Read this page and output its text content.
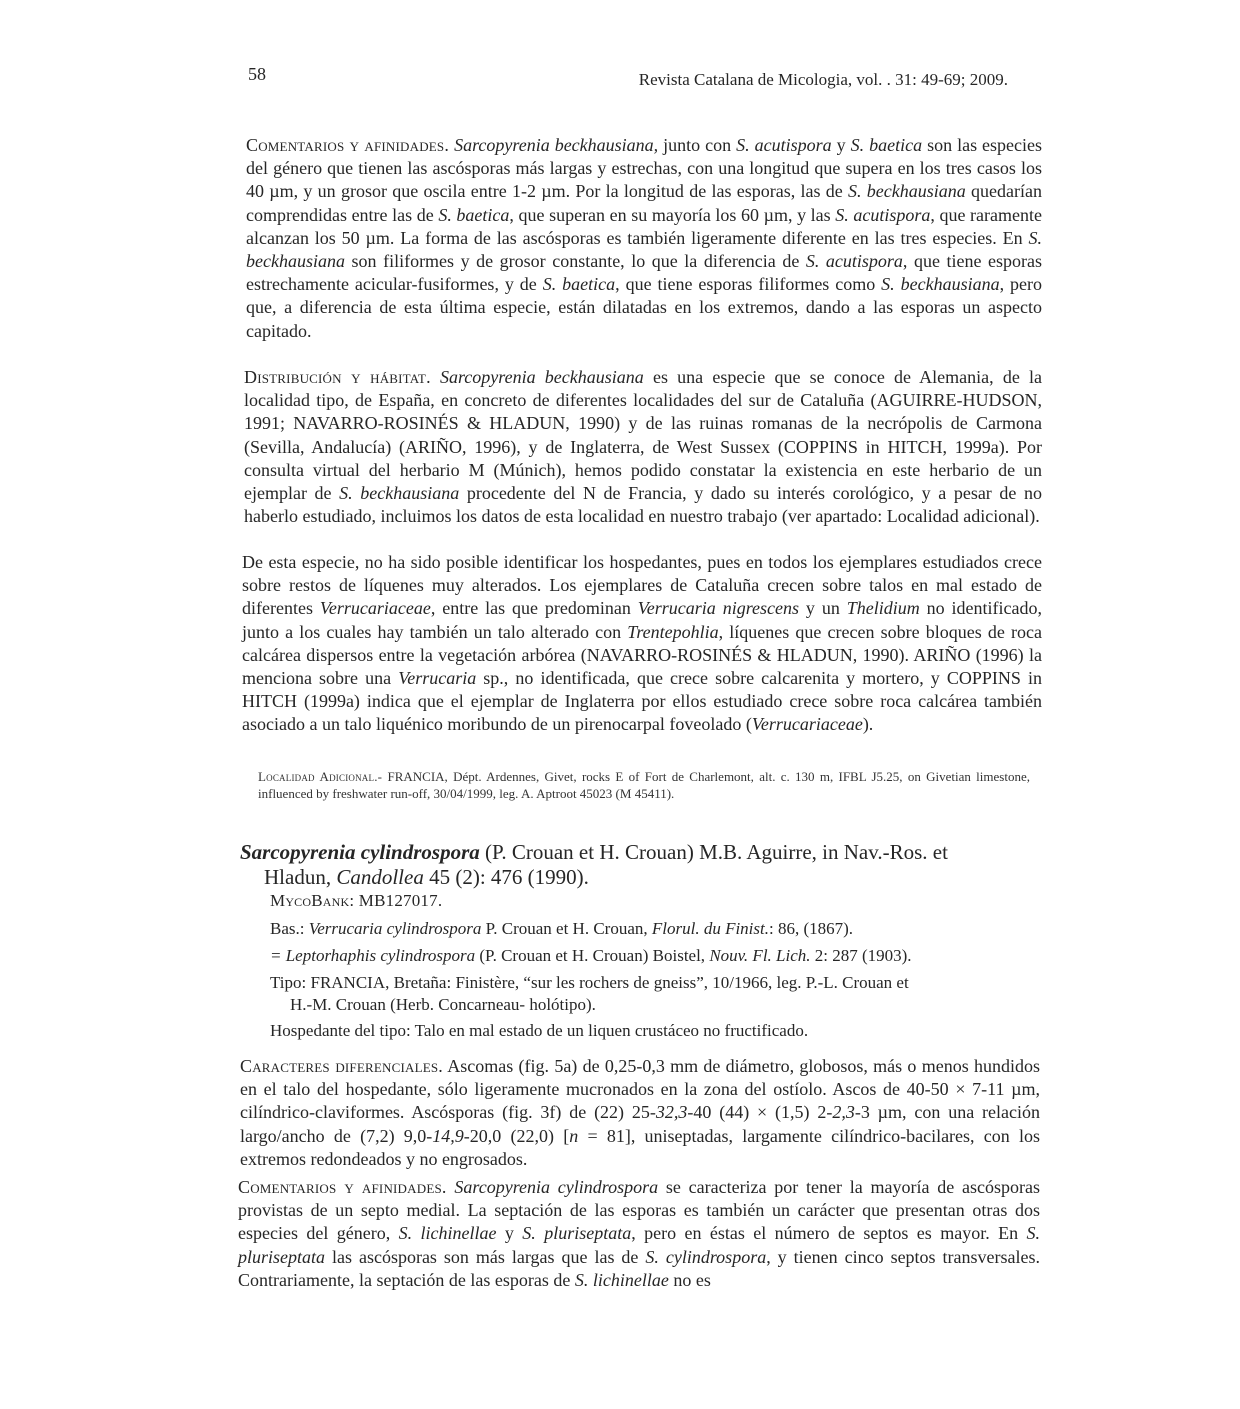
58	Revista Catalana de Micologia, vol. . 31: 49-69; 2009.
Comentarios y afinidades. Sarcopyrenia beckhausiana, junto con S. acutispora y S. baetica son las especies del género que tienen las ascósporas más largas y estrechas, con una longitud que supera en los tres casos los 40 µm, y un grosor que oscila entre 1-2 µm. Por la longitud de las esporas, las de S. beckhausiana quedarían comprendidas entre las de S. baetica, que superan en su mayoría los 60 µm, y las S. acutispora, que raramente alcanzan los 50 µm. La forma de las ascósporas es también ligeramente diferente en las tres especies. En S. beckhausiana son filiformes y de grosor constante, lo que la diferencia de S. acutispora, que tiene esporas estrechamente acicular-fusiformes, y de S. baetica, que tiene esporas filiformes como S. beckhausiana, pero que, a diferencia de esta última especie, están dilatadas en los extremos, dando a las esporas un aspecto capitado.
Distribución y hábitat. Sarcopyrenia beckhausiana es una especie que se conoce de Alemania, de la localidad tipo, de España, en concreto de diferentes localidades del sur de Cataluña (AGUIRRE-HUDSON, 1991; NAVARRO-ROSINÉS & HLADUN, 1990) y de las ruinas romanas de la necrópolis de Carmona (Sevilla, Andalucía) (ARIÑO, 1996), y de Inglaterra, de West Sussex (COPPINS in HITCH, 1999a). Por consulta virtual del herbario M (Múnich), hemos podido constatar la existencia en este herbario de un ejemplar de S. beckhausiana procedente del N de Francia, y dado su interés corológico, y a pesar de no haberlo estudiado, incluimos los datos de esta localidad en nuestro trabajo (ver apartado: Localidad adicional).
De esta especie, no ha sido posible identificar los hospedantes, pues en todos los ejemplares estudiados crece sobre restos de líquenes muy alterados. Los ejemplares de Cataluña crecen sobre talos en mal estado de diferentes Verrucariaceae, entre las que predominan Verrucaria nigrescens y un Thelidium no identificado, junto a los cuales hay también un talo alterado con Trentepohlia, líquenes que crecen sobre bloques de roca calcárea dispersos entre la vegetación arbórea (NAVARRO-ROSINÉS & HLADUN, 1990). ARIÑO (1996) la menciona sobre una Verrucaria sp., no identificada, que crece sobre calcarenita y mortero, y COPPINS in HITCH (1999a) indica que el ejemplar de Inglaterra por ellos estudiado crece sobre roca calcárea también asociado a un talo liquénico moribundo de un pirenocarpal foveolado (Verrucariaceae).
Localidad Adicional.- FRANCIA, Dépt. Ardennes, Givet, rocks E of Fort de Charlemont, alt. c. 130 m, IFBL J5.25, on Givetian limestone, influenced by freshwater run-off, 30/04/1999, leg. A. Aptroot 45023 (M 45411).
Sarcopyrenia cylindrospora (P. Crouan et H. Crouan) M.B. Aguirre, in Nav.-Ros. et
Hladun, Candollea 45 (2): 476 (1990).
MycoBank: MB127017.
Bas.: Verrucaria cylindrospora P. Crouan et H. Crouan, Florul. du Finist.: 86, (1867).
= Leptorhaphis cylindrospora (P. Crouan et H. Crouan) Boistel, Nouv. Fl. Lich. 2: 287 (1903).
Tipo: FRANCIA, Bretaña: Finistère, “sur les rochers de gneiss”, 10/1966, leg. P.-L. Crouan et
H.-M. Crouan (Herb. Concarneau- holótipo).
Hospedante del tipo: Talo en mal estado de un liquen crustáceo no fructificado.
Caracteres diferenciales. Ascomas (fig. 5a) de 0,25-0,3 mm de diámetro, globosos, más o menos hundidos en el talo del hospedante, sólo ligeramente mucronados en la zona del ostíolo. Ascos de 40-50 × 7-11 µm, cilíndrico-claviformes. Ascósporas (fig. 3f) de (22) 25-32,3-40 (44) × (1,5) 2-2,3-3 µm, con una relación largo/ancho de (7,2) 9,0-14,9-20,0 (22,0) [n = 81], uniseptadas, largamente cilíndrico-bacilares, con los extremos redondeados y no engrosados.
Comentarios y afinidades. Sarcopyrenia cylindrospora se caracteriza por tener la mayoría de ascósporas provistas de un septo medial. La septación de las esporas es también un carácter que presentan otras dos especies del género, S. lichinellae y S. pluriseptata, pero en éstas el número de septos es mayor. En S. pluriseptata las ascósporas son más largas que las de S. cylindrospora, y tienen cinco septos transversales. Contrariamente, la septación de las esporas de S. lichinellae no es
